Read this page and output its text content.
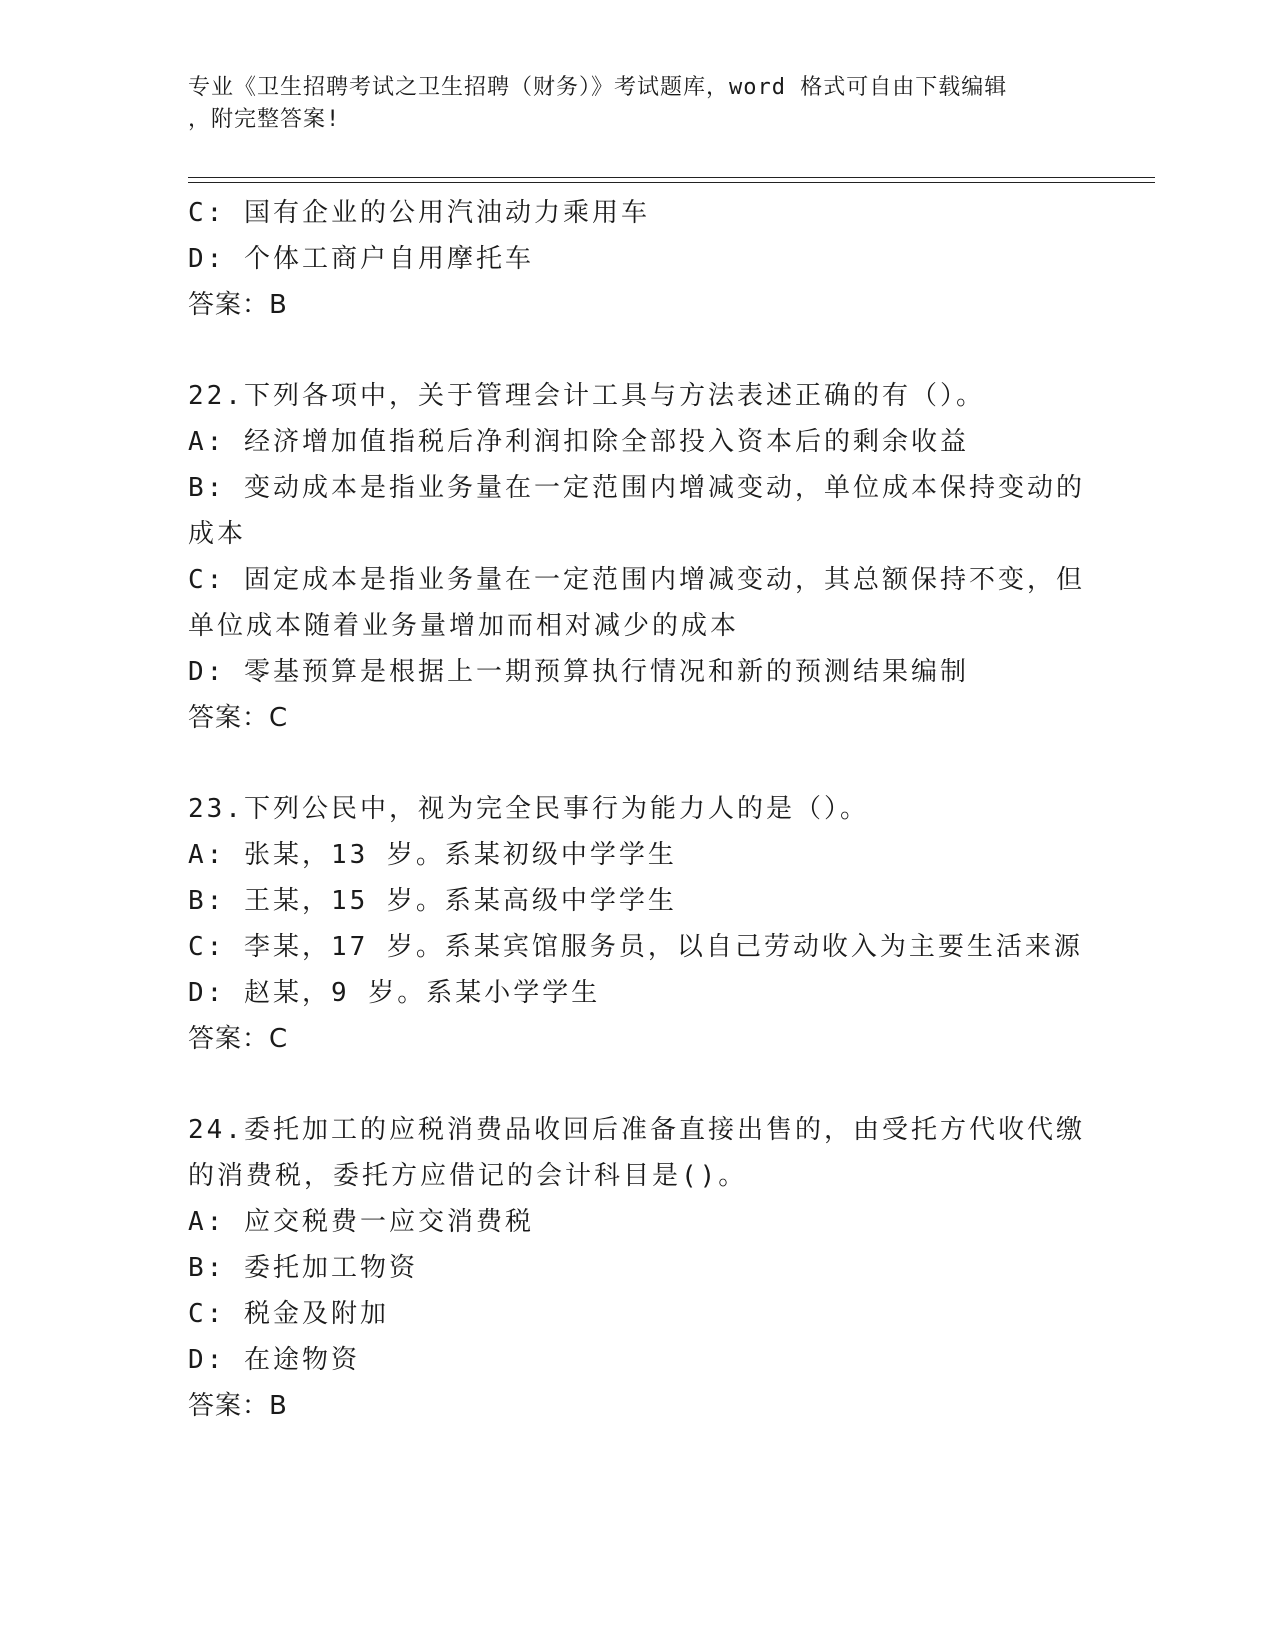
专业《卫生招聘考试之卫生招聘（财务）》考试题库，word 格式可自由下载编辑
，附完整答案!
C: 国有企业的公用汽油动力乘用车
D: 个体工商户自用摩托车
答案：B
22.下列各项中，关于管理会计工具与方法表述正确的有（）。
A: 经济增加值指税后净利润扣除全部投入资本后的剩余收益
B: 变动成本是指业务量在一定范围内增减变动，单位成本保持变动的
成本
C: 固定成本是指业务量在一定范围内增减变动，其总额保持不变，但
单位成本随着业务量增加而相对减少的成本
D: 零基预算是根据上一期预算执行情况和新的预测结果编制
答案：C
23.下列公民中，视为完全民事行为能力人的是（）。
A: 张某，13 岁。系某初级中学学生
B: 王某，15 岁。系某高级中学学生
C: 李某，17 岁。系某宾馆服务员，以自己劳动收入为主要生活来源
D: 赵某，9 岁。系某小学学生
答案：C
24.委托加工的应税消费品收回后准备直接出售的，由受托方代收代缴
的消费税，委托方应借记的会计科目是()。
A: 应交税费一应交消费税
B: 委托加工物资
C: 税金及附加
D: 在途物资
答案：B
